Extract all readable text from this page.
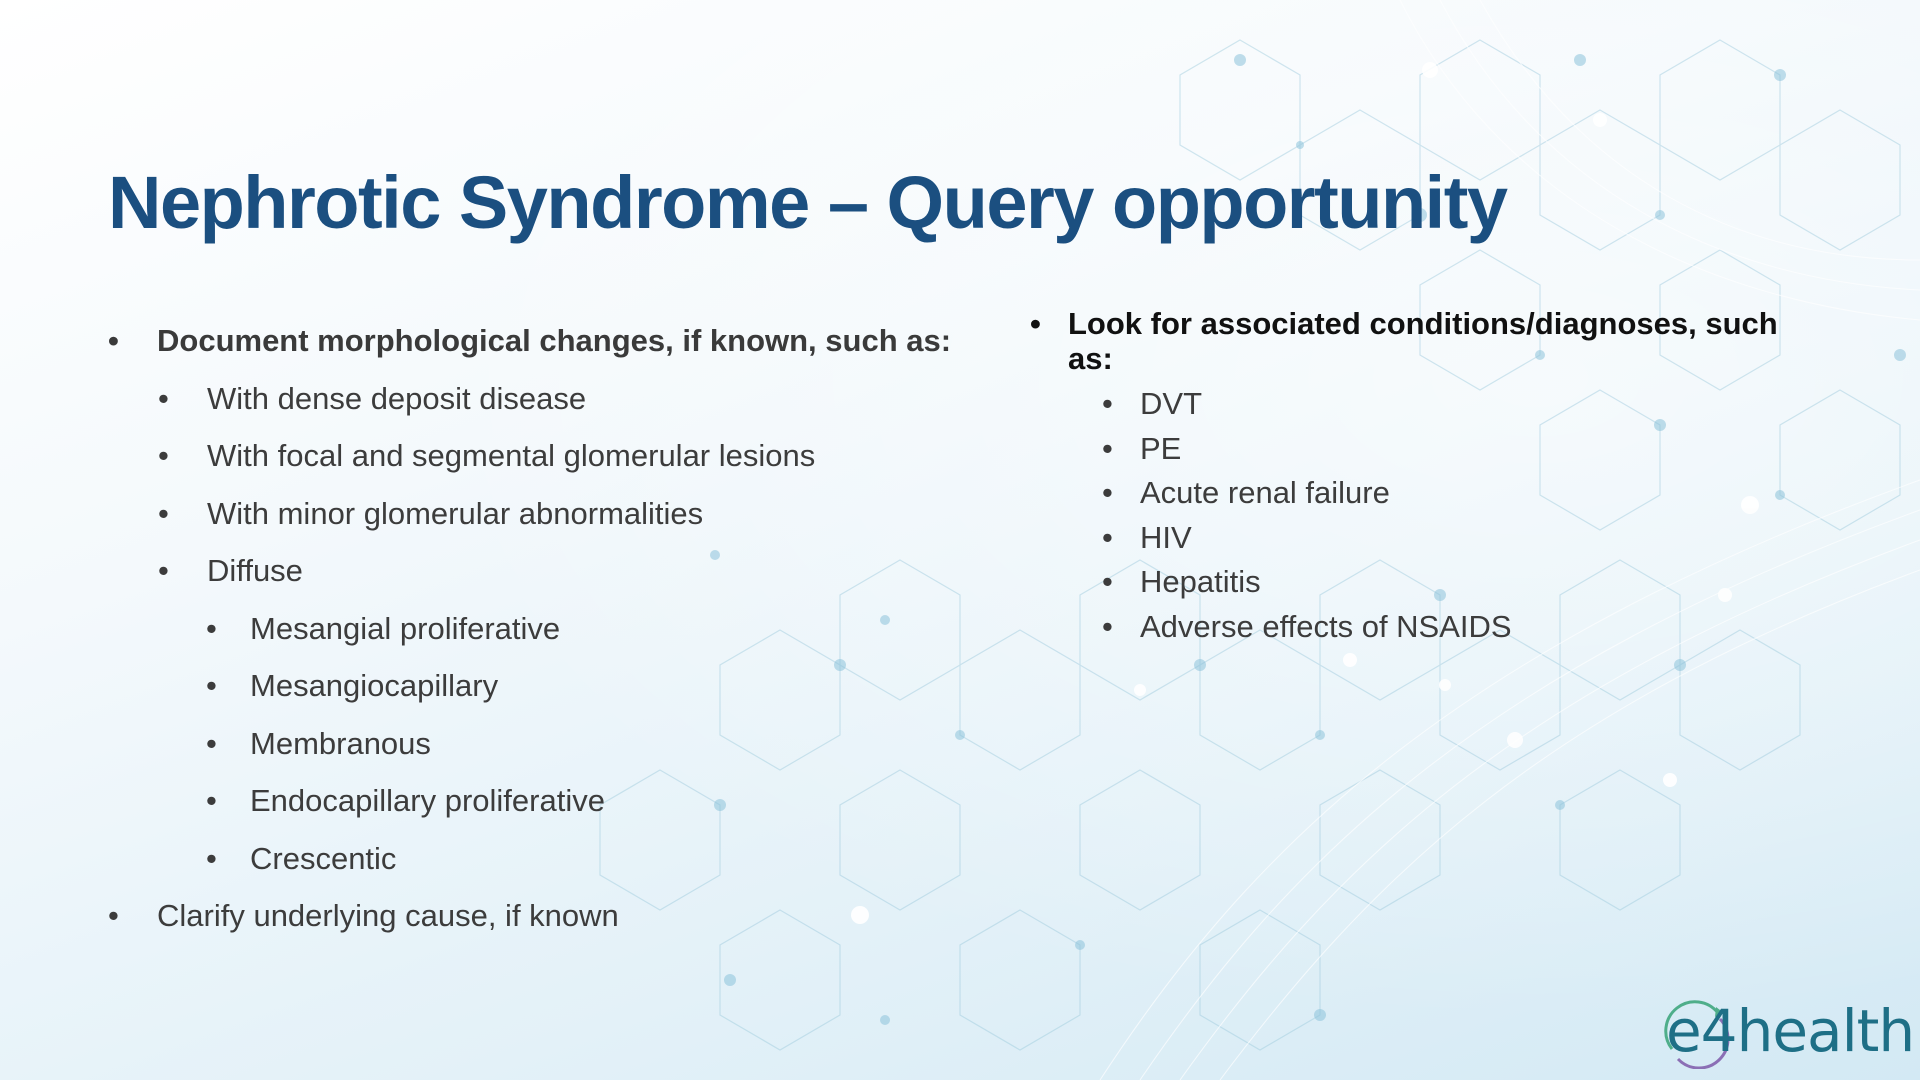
Nephrotic Syndrome – Query opportunity
• Document morphological changes, if known, such as:
• With dense deposit disease
• With focal and segmental glomerular lesions
• With minor glomerular abnormalities
• Diffuse
• Mesangial proliferative
• Mesangiocapillary
• Membranous
• Endocapillary proliferative
• Crescentic
• Clarify underlying cause, if known
• Look for associated conditions/diagnoses, such as:
• DVT
• PE
• Acute renal failure
• HIV
• Hepatitis
• Adverse effects of NSAIDS
e4health
